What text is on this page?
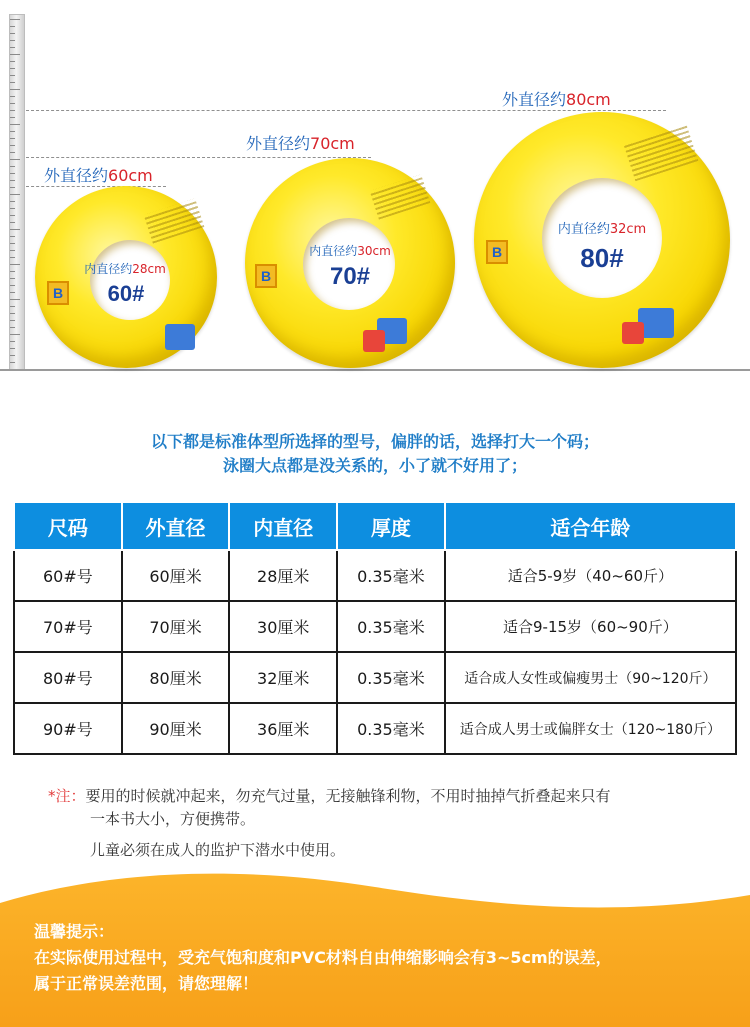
外直径约60cm
外直径约70cm
外直径约80cm
B
内直径约28cm
60#
B
内直径约30cm
70#
B
内直径约32cm
80#
以下都是标准体型所选择的型号，偏胖的话，选择打大一个码；
泳圈大点都是没关系的，小了就不好用了；
尺码	外直径	内直径	厚度	适合年龄
60#号	60厘米	28厘米	0.35毫米	适合5-9岁（40~60斤）
70#号	70厘米	30厘米	0.35毫米	适合9-15岁（60~90斤）
80#号	80厘米	32厘米	0.35毫米	适合成人女性或偏瘦男士（90~120斤）
90#号	90厘米	36厘米	0.35毫米	适合成人男士或偏胖女士（120~180斤）
*注：要用的时候就冲起来，勿充气过量，无接触锋利物，不用时抽掉气折叠起来只有
一本书大小，方便携带。
儿童必须在成人的监护下潜水中使用。
温馨提示：
在实际使用过程中，受充气饱和度和PVC材料自由伸缩影响会有3~5cm的误差，
属于正常误差范围，请您理解！
